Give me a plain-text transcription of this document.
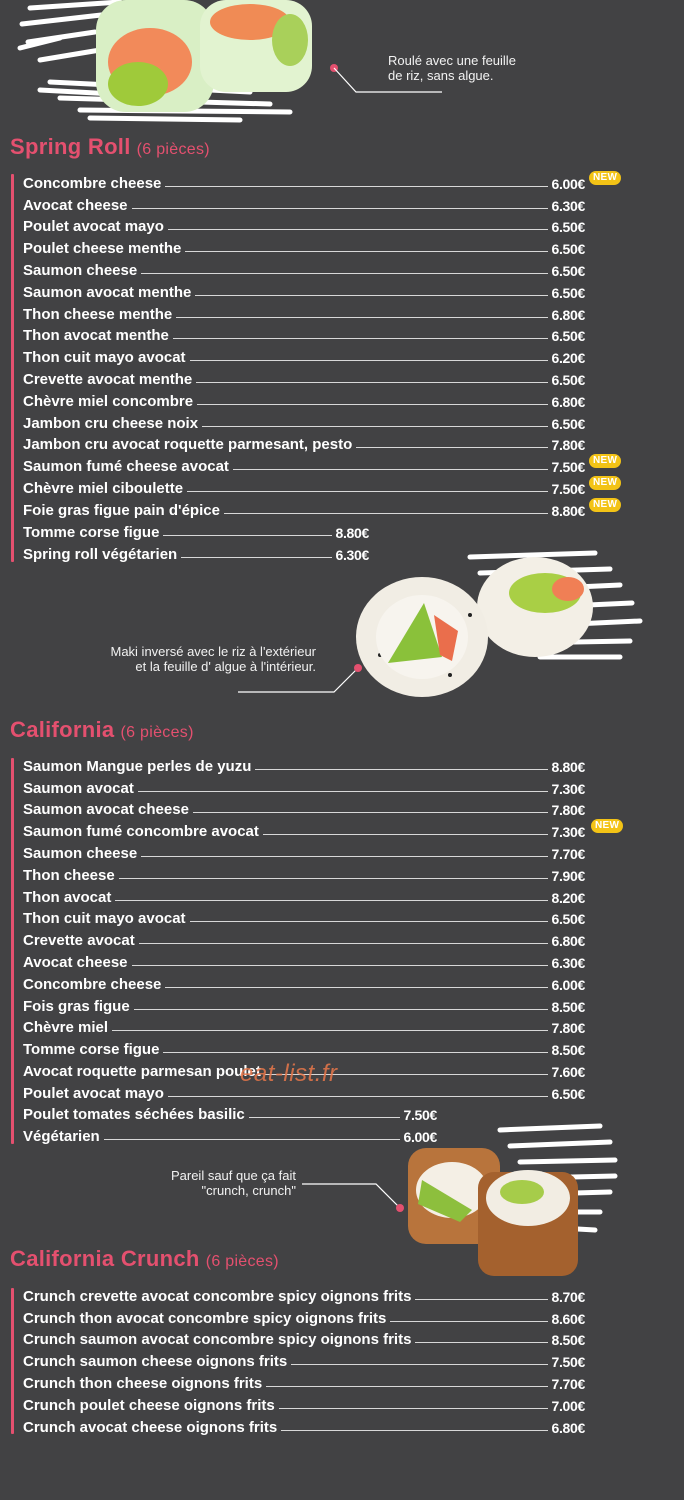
Roulé avec une feuille
de riz, sans algue.
Spring Roll (6 pièces)
Concombre cheese	6.00€ NEW
Avocat cheese	6.30€
Poulet avocat mayo	6.50€
Poulet cheese menthe	6.50€
Saumon cheese	6.50€
Saumon avocat menthe	6.50€
Thon cheese menthe	6.80€
Thon avocat menthe	6.50€
Thon cuit mayo avocat	6.20€
Crevette avocat menthe	6.50€
Chèvre miel concombre	6.80€
Jambon cru cheese noix	6.50€
Jambon cru avocat roquette parmesant, pesto	7.80€
Saumon fumé cheese avocat	7.50€ NEW
Chèvre miel ciboulette	7.50€ NEW
Foie gras figue pain d'épice	8.80€ NEW
Tomme corse figue	8.80€
Spring roll végétarien	6.30€
Maki inversé avec le riz à l'extérieur
et la feuille d' algue à l'intérieur.
California (6 pièces)
Saumon Mangue perles de yuzu	8.80€
Saumon avocat	7.30€
Saumon avocat cheese	7.80€
Saumon fumé concombre avocat	7.30€	NEW
Saumon cheese	7.70€
Thon cheese	7.90€
Thon avocat	8.20€
Thon cuit mayo avocat	6.50€
Crevette avocat	6.80€
Avocat cheese	6.30€
Concombre cheese	6.00€
Fois gras figue	8.50€
Chèvre miel	7.80€
Tomme corse figue	8.50€
Avocat roquette parmesan poulet	7.60€
Poulet avocat mayo	6.50€
Poulet tomates séchées basilic	7.50€
Végétarien	6.00€
eat-list.fr
Pareil sauf que ça fait
"crunch, crunch"
California Crunch (6 pièces)
Crunch crevette avocat concombre spicy oignons frits	8.70€
Crunch thon avocat concombre spicy oignons frits	8.60€
Crunch saumon avocat concombre spicy oignons frits	8.50€
Crunch saumon cheese oignons frits	7.50€
Crunch thon cheese oignons frits	7.70€
Crunch poulet cheese oignons frits	7.00€
Crunch avocat cheese oignons frits	6.80€
